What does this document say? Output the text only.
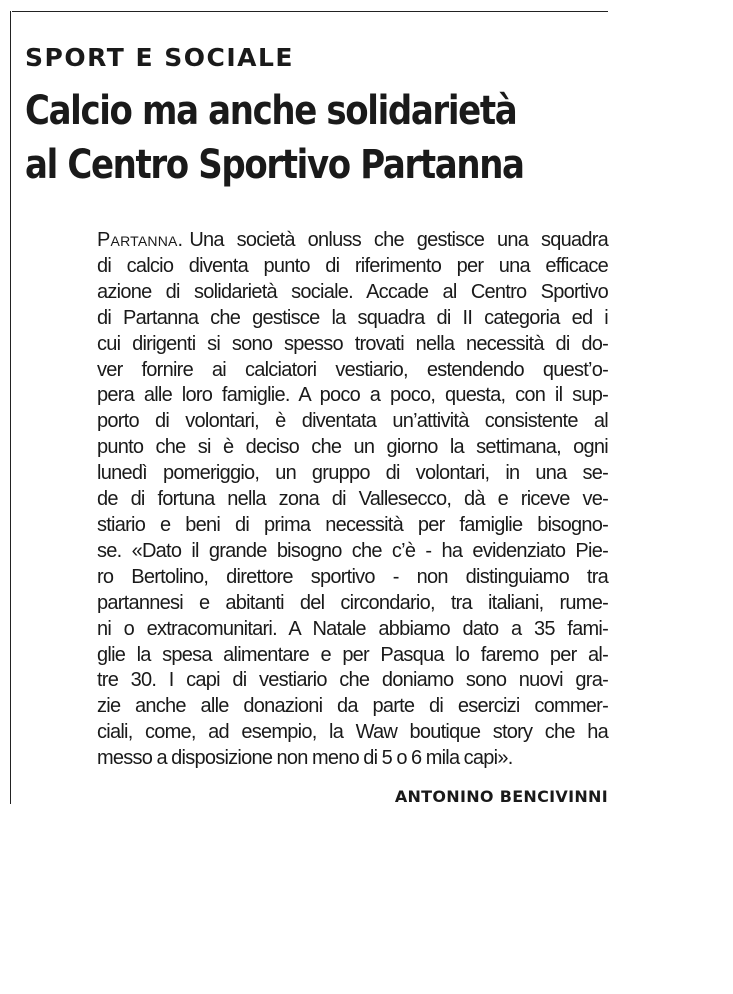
SPORT E SOCIALE
Calcio ma anche solidarietà
al Centro Sportivo Partanna
Partanna. Una società onluss che gestisce una squadra
di calcio diventa punto di riferimento per una efficace
azione di solidarietà sociale. Accade al Centro Sportivo
di Partanna che gestisce la squadra di II categoria ed i
cui dirigenti si sono spesso trovati nella necessità di do-
ver fornire ai calciatori vestiario, estendendo quest’o-
pera alle loro famiglie. A poco a poco, questa, con il sup-
porto di volontari, è diventata un’attività consistente al
punto che si è deciso che un giorno la settimana, ogni
lunedì pomeriggio, un gruppo di volontari, in una se-
de di fortuna nella zona di Vallesecco, dà e riceve ve-
stiario e beni di prima necessità per famiglie bisogno-
se. «Dato il grande bisogno che c’è - ha evidenziato Pie-
ro Bertolino, direttore sportivo - non distinguiamo tra
partannesi e abitanti del circondario, tra italiani, rume-
ni o extracomunitari. A Natale abbiamo dato a 35 fami-
glie la spesa alimentare e per Pasqua lo faremo per al-
tre 30. I capi di vestiario che doniamo sono nuovi gra-
zie anche alle donazioni da parte di esercizi commer-
ciali, come, ad esempio, la Waw boutique story che ha
messo a disposizione non meno di 5 o 6 mila capi».
ANTONINO BENCIVINNI
